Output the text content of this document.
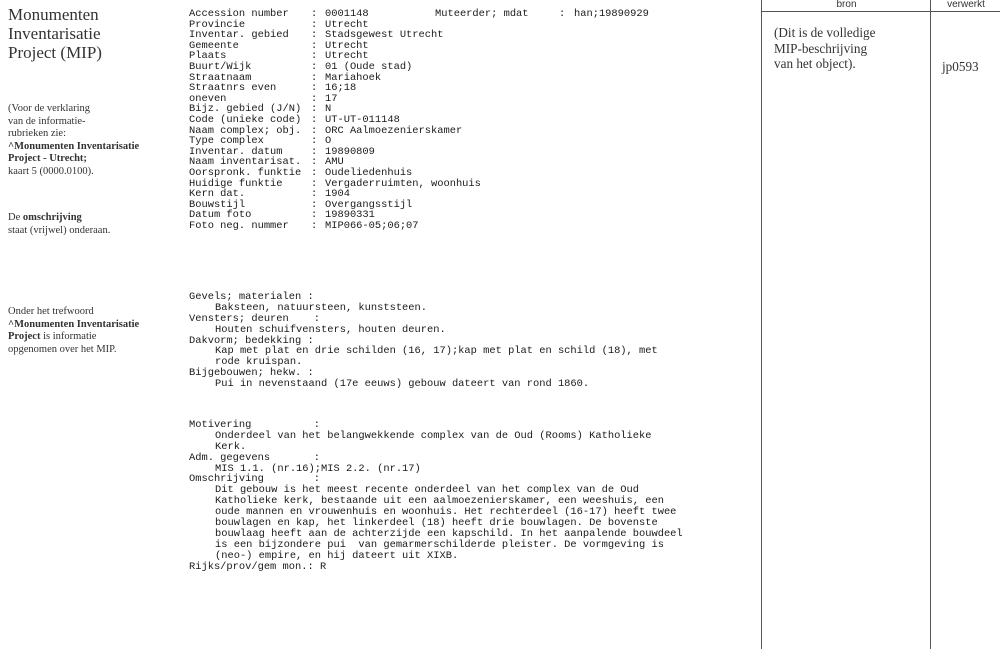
Monumenten
Inventarisatie
Project (MIP)
(Voor de verklaring
van de informatie-
rubrieken zie:
^Monumenten Inventarisatie
Project - Utrecht;
kaart 5 (0000.0100).
De omschrijving
staat (vrijwel) onderaan.
Onder het trefwoord
^Monumenten Inventarisatie
Project is informatie
opgenomen over het MIP.
Muteerder; mdat	: han;19890929
Accession number : 0001148
Provincie	: Utrecht
Inventar. gebied : Stadsgewest Utrecht
Gemeente	: Utrecht
Plaats	: Utrecht
Buurt/Wijk	: 01 (Oude stad)
Straatnaam	: Mariahoek
Straatnrs even	: 16;18
oneven	: 17
Bijz. gebied (J/N) : N
Code (unieke code) : UT-UT-011148
Naam complex; obj. : ORC Aalmoezenierskamer
Type complex	: O
Inventar. datum	: 19890809
Naam inventarisat. : AMU
Oorspronk. funktie : Oudeliedenhuis
Huidige funktie	: Vergaderruimten, woonhuis
Kern dat.	: 1904
Bouwstijl	: Overgangsstijl
Datum foto	: 19890331
Foto neg. nummer : MIP066-05;06;07
Gevels; materialen :
Baksteen, natuursteen, kunststeen.
Vensters; deuren    :
Houten schuifvensters, houten deuren.
Dakvorm; bedekking :
Kap met plat en drie schilden (16, 17);kap met plat en schild (18), met
rode kruispan.
Bijgebouwen; hekw. :
Pui in nevenstaand (17e eeuws) gebouw dateert van rond 1860.
Motivering          :
Onderdeel van het belangwekkende complex van de Oud (Rooms) Katholieke
Kerk.
Adm. gegevens       :
MIS 1.1. (nr.16);MIS 2.2. (nr.17)
Omschrijving        :
Dit gebouw is het meest recente onderdeel van het complex van de Oud
Katholieke kerk, bestaande uit een aalmoezenierskamer, een weeshuis, een
oude mannen en vrouwenhuis en woonhuis. Het rechterdeel (16-17) heeft twee
bouwlagen en kap, het linkerdeel (18) heeft drie bouwlagen. De bovenste
bouwlaag heeft aan de achterzijde een kapschild. In het aanpalende bouwdeel
is een bijzondere pui  van gemarmerschilderde pleister. De vormgeving is
(neo-) empire, en hij dateert uit XIXB.
Rijks/prov/gem mon.: R
bron
(Dit is de volledige
MIP-beschrijving
van het object).
verwerkt
jp0593
